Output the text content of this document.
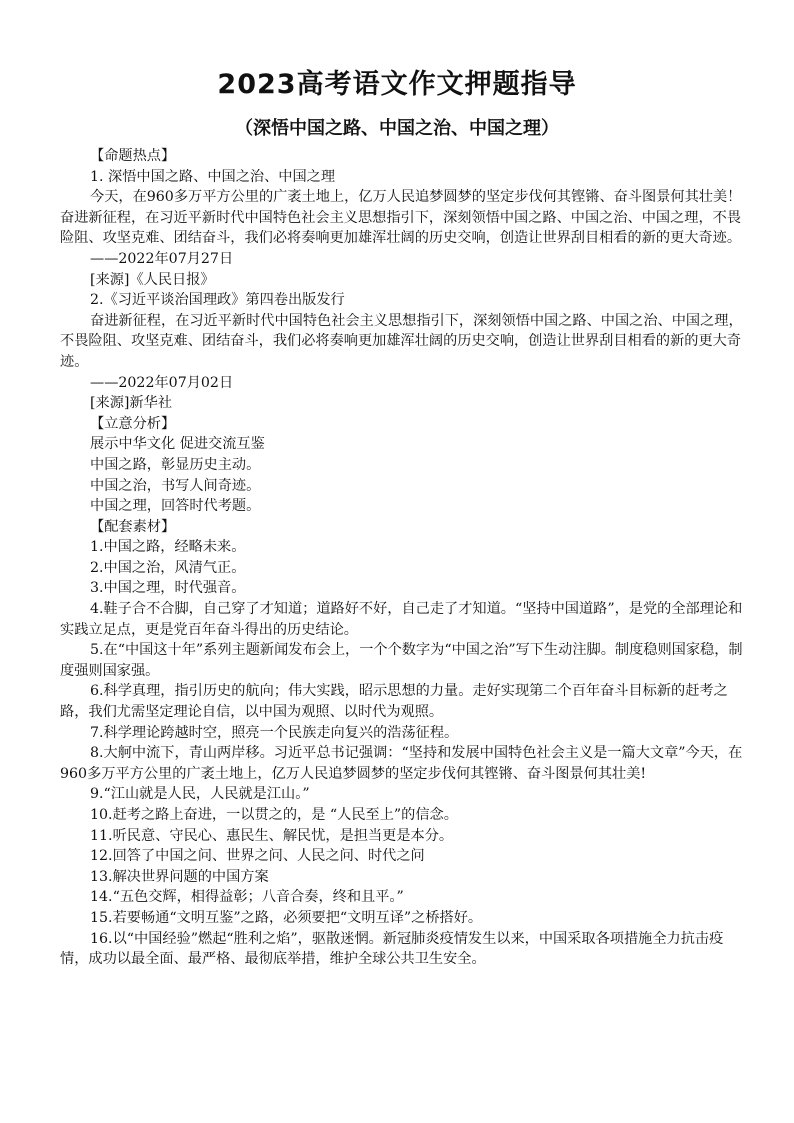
2023高考语文作文押题指导
（深悟中国之路、中国之治、中国之理）

【命题热点】

1. 深悟中国之路、中国之治、中国之理

今天，在960多万平方公里的广袤土地上，亿万人民追梦圆梦的坚定步伐何其铿锵、奋斗图景何其壮美！奋进新征程，在习近平新时代中国特色社会主义思想指引下，深刻领悟中国之路、中国之治、中国之理，不畏险阻、攻坚克难、团结奋斗，我们必将奏响更加雄浑壮阔的历史交响，创造让世界刮目相看的新的更大奇迹。

——2022年07月27日

[来源]《人民日报》

2.《习近平谈治国理政》第四卷出版发行

奋进新征程，在习近平新时代中国特色社会主义思想指引下，深刻领悟中国之路、中国之治、中国之理，不畏险阻、攻坚克难、团结奋斗，我们必将奏响更加雄浑壮阔的历史交响，创造让世界刮目相看的新的更大奇迹。

——2022年07月02日

[来源]新华社

【立意分析】

展示中华文化 促进交流互鉴

中国之路，彰显历史主动。

中国之治，书写人间奇迹。

中国之理，回答时代考题。

【配套素材】

1.中国之路，经略未来。

2.中国之治，风清气正。

3.中国之理，时代强音。

4.鞋子合不合脚，自己穿了才知道；道路好不好，自己走了才知道。“坚持中国道路”，是党的全部理论和实践立足点，更是党百年奋斗得出的历史结论。

5.在“中国这十年”系列主题新闻发布会上，一个个数字为“中国之治”写下生动注脚。制度稳则国家稳，制度强则国家强。

6.科学真理，指引历史的航向；伟大实践，昭示思想的力量。走好实现第二个百年奋斗目标新的赶考之路，我们尤需坚定理论自信，以中国为观照、以时代为观照。

7.科学理论跨越时空，照亮一个民族走向复兴的浩荡征程。

8.大舸中流下，青山两岸移。习近平总书记强调：“坚持和发展中国特色社会主义是一篇大文章”今天，在960多万平方公里的广袤土地上，亿万人民追梦圆梦的坚定步伐何其铿锵、奋斗图景何其壮美!

9.“江山就是人民，人民就是江山。”

10.赶考之路上奋进，一以贯之的，是 “人民至上”的信念。

11.听民意、守民心、惠民生、解民忧，是担当更是本分。

12.回答了中国之问、世界之问、人民之问、时代之问

13.解决世界问题的中国方案

14.“五色交辉，相得益彰；八音合奏，终和且平。”

15.若要畅通“文明互鉴”之路，必须要把“文明互译”之桥搭好。

16.以“中国经验”燃起“胜利之焰”，驱散迷惘。新冠肺炎疫情发生以来，中国采取各项措施全力抗击疫情，成功以最全面、最严格、最彻底举措，维护全球公共卫生安全。
